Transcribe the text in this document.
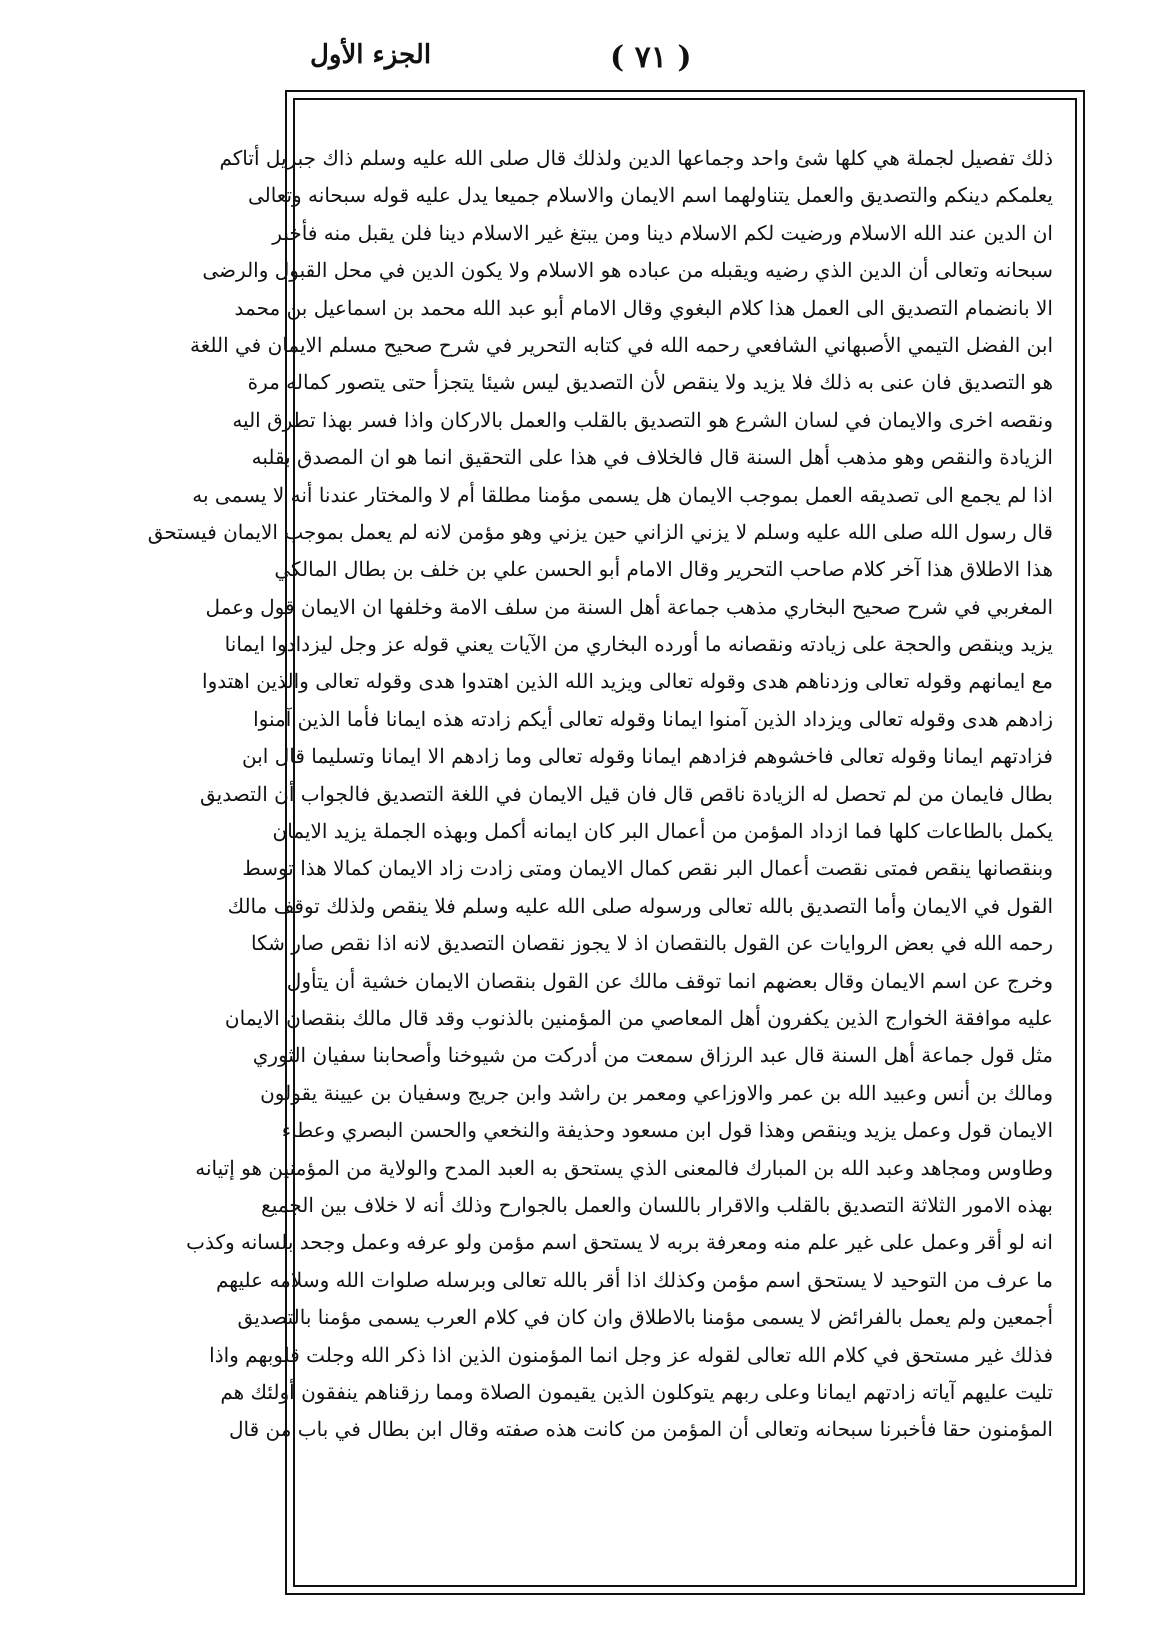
الجزء الأول	( ٧١ )
ذلك تفصيل لجملة هي كلها شئ واحد وجماعها الدين ولذلك قال صلى الله عليه وسلم ذاك جبريل أتاكم
يعلمكم دينكم والتصديق والعمل يتناولهما اسم الايمان والاسلام جميعا يدل عليه قوله سبحانه وتعالى
ان الدين عند الله الاسلام ورضيت لكم الاسلام دينا ومن يبتغ غير الاسلام دينا فلن يقبل منه فأخبر
سبحانه وتعالى أن الدين الذي رضيه ويقبله من عباده هو الاسلام ولا يكون الدين في محل القبول والرضى
الا بانضمام التصديق الى العمل هذا كلام البغوي وقال الامام أبو عبد الله محمد بن اسماعيل بن محمد
ابن الفضل التيمي الأصبهاني الشافعي رحمه الله في كتابه التحرير في شرح صحيح مسلم الايمان في اللغة
هو التصديق فان عنى به ذلك فلا يزيد ولا ينقص لأن التصديق ليس شيئا يتجزأ حتى يتصور كماله مرة
ونقصه اخرى والايمان في لسان الشرع هو التصديق بالقلب والعمل بالاركان واذا فسر بهذا تطرق اليه
الزيادة والنقص وهو مذهب أهل السنة قال فالخلاف في هذا على التحقيق انما هو ان المصدق بقلبه
اذا لم يجمع الى تصديقه العمل بموجب الايمان هل يسمى مؤمنا مطلقا أم لا والمختار عندنا أنه لا يسمى به
قال رسول الله صلى الله عليه وسلم لا يزني الزاني حين يزني وهو مؤمن لانه لم يعمل بموجب الايمان فيستحق
هذا الاطلاق هذا آخر كلام صاحب التحرير وقال الامام أبو الحسن علي بن خلف بن بطال المالكي
المغربي في شرح صحيح البخاري مذهب جماعة أهل السنة من سلف الامة وخلفها ان الايمان قول وعمل
يزيد وينقص والحجة على زيادته ونقصانه ما أورده البخاري من الآيات يعني قوله عز وجل ليزدادوا ايمانا
مع ايمانهم وقوله تعالى وزدناهم هدى وقوله تعالى ويزيد الله الذين اهتدوا هدى وقوله تعالى والذين اهتدوا
زادهم هدى وقوله تعالى ويزداد الذين آمنوا ايمانا وقوله تعالى أيكم زادته هذه ايمانا فأما الذين آمنوا
فزادتهم ايمانا وقوله تعالى فاخشوهم فزادهم ايمانا وقوله تعالى وما زادهم الا ايمانا وتسليما قال ابن
بطال فايمان من لم تحصل له الزيادة ناقص قال فان قيل الايمان في اللغة التصديق فالجواب أن التصديق
يكمل بالطاعات كلها فما ازداد المؤمن من أعمال البر كان ايمانه أكمل وبهذه الجملة يزيد الايمان
وبنقصانها ينقص فمتى نقصت أعمال البر نقص كمال الايمان ومتى زادت زاد الايمان كمالا هذا توسط
القول في الايمان وأما التصديق بالله تعالى ورسوله صلى الله عليه وسلم فلا ينقص ولذلك توقف مالك
رحمه الله في بعض الروايات عن القول بالنقصان اذ لا يجوز نقصان التصديق لانه اذا نقص صار شكا
وخرج عن اسم الايمان وقال بعضهم انما توقف مالك عن القول بنقصان الايمان خشية أن يتأول
عليه موافقة الخوارج الذين يكفرون أهل المعاصي من المؤمنين بالذنوب وقد قال مالك بنقصان الايمان
مثل قول جماعة أهل السنة قال عبد الرزاق سمعت من أدركت من شيوخنا وأصحابنا سفيان الثوري
ومالك بن أنس وعبيد الله بن عمر والاوزاعي ومعمر بن راشد وابن جريج وسفيان بن عيينة يقولون
الايمان قول وعمل يزيد وينقص وهذا قول ابن مسعود وحذيفة والنخعي والحسن البصري وعطاء
وطاوس ومجاهد وعبد الله بن المبارك فالمعنى الذي يستحق به العبد المدح والولاية من المؤمنين هو إتيانه
بهذه الامور الثلاثة التصديق بالقلب والاقرار باللسان والعمل بالجوارح وذلك أنه لا خلاف بين الجميع
انه لو أقر وعمل على غير علم منه ومعرفة بربه لا يستحق اسم مؤمن ولو عرفه وعمل وجحد بلسانه وكذب
ما عرف من التوحيد لا يستحق اسم مؤمن وكذلك اذا أقر بالله تعالى وبرسله صلوات الله وسلامه عليهم
أجمعين ولم يعمل بالفرائض لا يسمى مؤمنا بالاطلاق وان كان في كلام العرب يسمى مؤمنا بالتصديق
فذلك غير مستحق في كلام الله تعالى لقوله عز وجل انما المؤمنون الذين اذا ذكر الله وجلت قلوبهم واذا
تليت عليهم آياته زادتهم ايمانا وعلى ربهم يتوكلون الذين يقيمون الصلاة ومما رزقناهم ينفقون أولئك هم
المؤمنون حقا فأخبرنا سبحانه وتعالى أن المؤمن من كانت هذه صفته وقال ابن بطال في باب من قال
